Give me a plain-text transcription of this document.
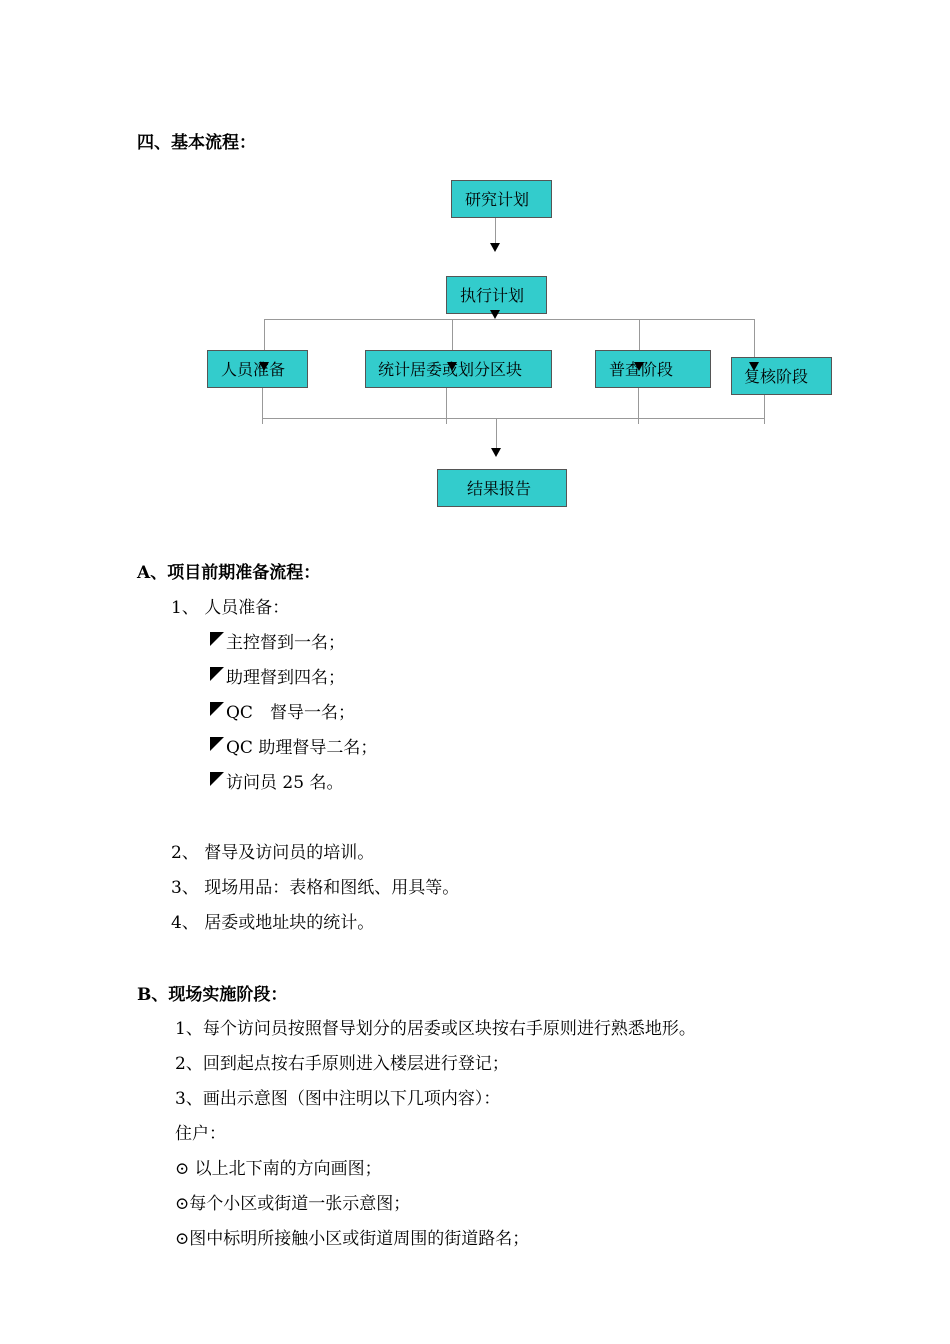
四、基本流程：
研究计划
执行计划
人员准备	统计居委或划分区块	普查阶段	复核阶段
结果报告
A、项目前期准备流程：
1、 人员准备：
主控督到一名；
助理督到四名；
QC　督导一名；
QC 助理督导二名；
访问员 25 名。
2、 督导及访问员的培训。
3、 现场用品：表格和图纸、用具等。
4、 居委或地址块的统计。
B、现场实施阶段：
1、每个访问员按照督导划分的居委或区块按右手原则进行熟悉地形。
2、回到起点按右手原则进入楼层进行登记；
3、画出示意图（图中注明以下几项内容）：
住户：
⊙ 以上北下南的方向画图；
⊙每个小区或街道一张示意图；
⊙图中标明所接触小区或街道周围的街道路名；
